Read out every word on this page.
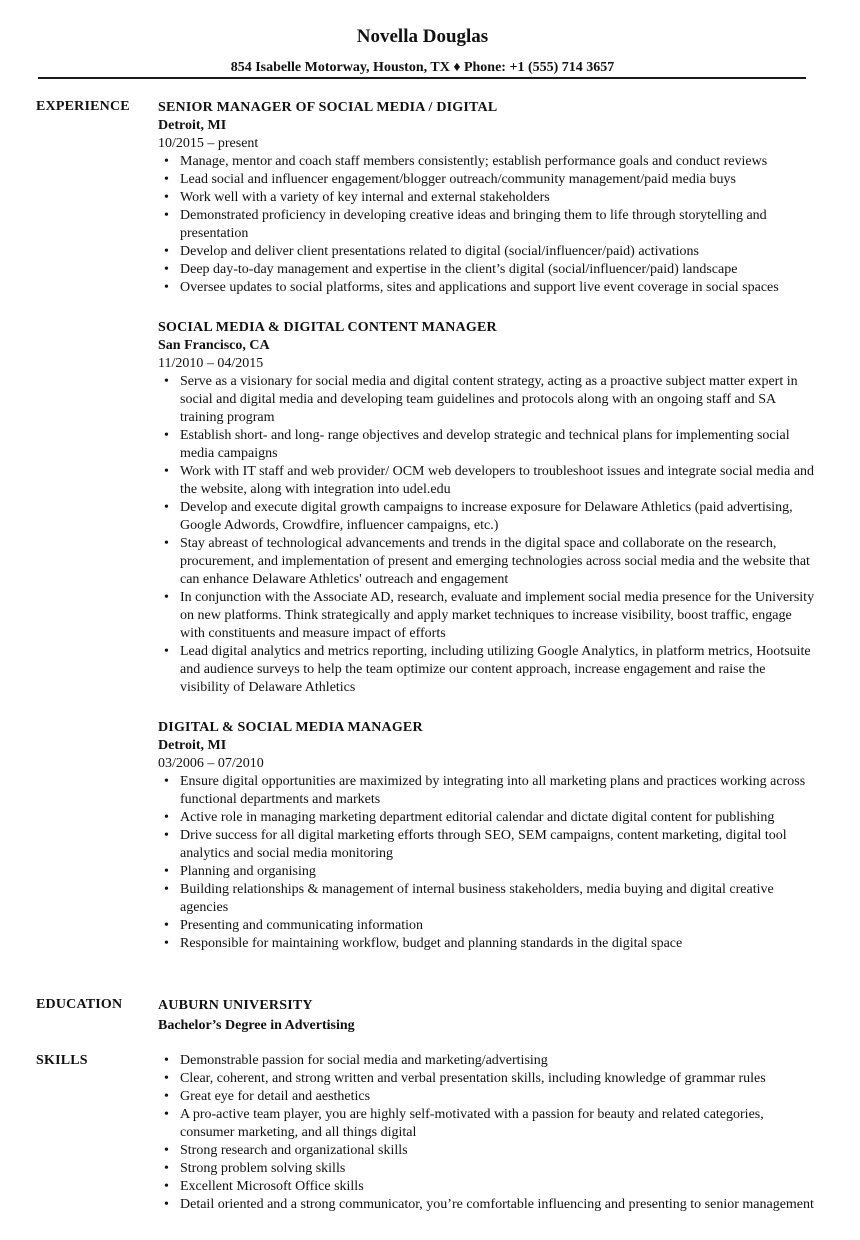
Novella Douglas
854 Isabelle Motorway, Houston, TX ♦ Phone: +1 (555) 714 3657
EXPERIENCE SENIOR MANAGER OF SOCIAL MEDIA / DIGITAL
Detroit, MI
10/2015 – present
• Manage, mentor and coach staff members consistently; establish performance goals and conduct reviews
• Lead social and influencer engagement/blogger outreach/community management/paid media buys
• Work well with a variety of key internal and external stakeholders
• Demonstrated proficiency in developing creative ideas and bringing them to life through storytelling and presentation
• Develop and deliver client presentations related to digital (social/influencer/paid) activations
• Deep day-to-day management and expertise in the client’s digital (social/influencer/paid) landscape
• Oversee updates to social platforms, sites and applications and support live event coverage in social spaces
SOCIAL MEDIA & DIGITAL CONTENT MANAGER
San Francisco, CA
11/2010 – 04/2015
• Serve as a visionary for social media and digital content strategy, acting as a proactive subject matter expert in social and digital media and developing team guidelines and protocols along with an ongoing staff and SA training program
• Establish short- and long- range objectives and develop strategic and technical plans for implementing social media campaigns
• Work with IT staff and web provider/ OCM web developers to troubleshoot issues and integrate social media and the website, along with integration into udel.edu
• Develop and execute digital growth campaigns to increase exposure for Delaware Athletics (paid advertising, Google Adwords, Crowdfire, influencer campaigns, etc.)
• Stay abreast of technological advancements and trends in the digital space and collaborate on the research, procurement, and implementation of present and emerging technologies across social media and the website that can enhance Delaware Athletics' outreach and engagement
• In conjunction with the Associate AD, research, evaluate and implement social media presence for the University on new platforms. Think strategically and apply market techniques to increase visibility, boost traffic, engage with constituents and measure impact of efforts
• Lead digital analytics and metrics reporting, including utilizing Google Analytics, in platform metrics, Hootsuite and audience surveys to help the team optimize our content approach, increase engagement and raise the visibility of Delaware Athletics
DIGITAL & SOCIAL MEDIA MANAGER
Detroit, MI
03/2006 – 07/2010
• Ensure digital opportunities are maximized by integrating into all marketing plans and practices working across functional departments and markets
• Active role in managing marketing department editorial calendar and dictate digital content for publishing
• Drive success for all digital marketing efforts through SEO, SEM campaigns, content marketing, digital tool analytics and social media monitoring
• Planning and organising
• Building relationships & management of internal business stakeholders, media buying and digital creative agencies
• Presenting and communicating information
• Responsible for maintaining workflow, budget and planning standards in the digital space
EDUCATION	AUBURN UNIVERSITY
Bachelor’s Degree in Advertising
SKILLS
•	Demonstrable passion for social media and marketing/advertising
• Clear, coherent, and strong written and verbal presentation skills, including knowledge of grammar rules
• Great eye for detail and aesthetics
• A pro-active team player, you are highly self-motivated with a passion for beauty and related categories, consumer marketing, and all things digital
• Strong research and organizational skills
• Strong problem solving skills
• Excellent Microsoft Office skills
• Detail oriented and a strong communicator, you’re comfortable influencing and presenting to senior management
